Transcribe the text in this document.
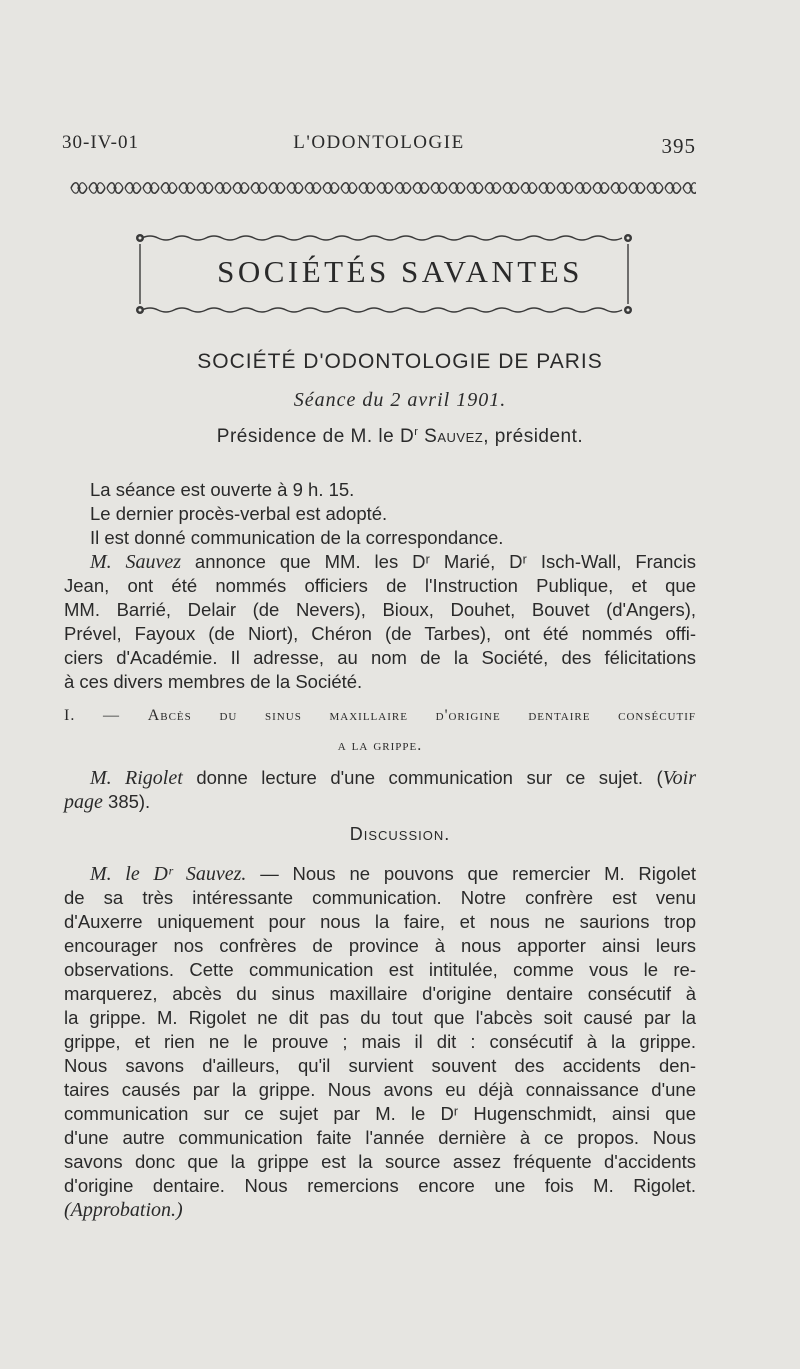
30-IV-01	L'ODONTOLOGIE	395
SOCIÉTÉS SAVANTES
SOCIÉTÉ D'ODONTOLOGIE DE PARIS
Séance du 2 avril 1901.
Présidence de M. le $D^r$ Sauvez, président.
La séance est ouverte à 9 h. 15.
Le dernier procès-verbal est adopté.
Il est donné communication de la correspondance.
M. Sauvez annonce que MM. les Dʳ Marié, Dʳ Isch-Wall, Francis
Jean, ont été nommés officiers de l'Instruction Publique, et que
MM. Barrié, Delair (de Nevers), Bioux, Douhet, Bouvet (d'Angers),
Prével, Fayoux (de Niort), Chéron (de Tarbes), ont été nommés offi-
ciers d'Académie. Il adresse, au nom de la Société, des félicitations
à ces divers membres de la Société.
I. — Abcès du sinus maxillaire d'origine dentaire consécutif
a la grippe.
M. Rigolet donne lecture d'une communication sur ce sujet. (Voir
page 385).
Discussion.
M. le Dʳ Sauvez. — Nous ne pouvons que remercier M. Rigolet
de sa très intéressante communication. Notre confrère est venu
d'Auxerre uniquement pour nous la faire, et nous ne saurions trop
encourager nos confrères de province à nous apporter ainsi leurs
observations. Cette communication est intitulée, comme vous le re-
marquerez, abcès du sinus maxillaire d'origine dentaire consécutif à
la grippe. M. Rigolet ne dit pas du tout que l'abcès soit causé par la
grippe, et rien ne le prouve ; mais il dit : consécutif à la grippe.
Nous savons d'ailleurs, qu'il survient souvent des accidents den-
taires causés par la grippe. Nous avons eu déjà connaissance d'une
communication sur ce sujet par M. le Dʳ Hugenschmidt, ainsi que
d'une autre communication faite l'année dernière à ce propos. Nous
savons donc que la grippe est la source assez fréquente d'accidents
d'origine dentaire. Nous remercions encore une fois M. Rigolet.
(Approbation.)
